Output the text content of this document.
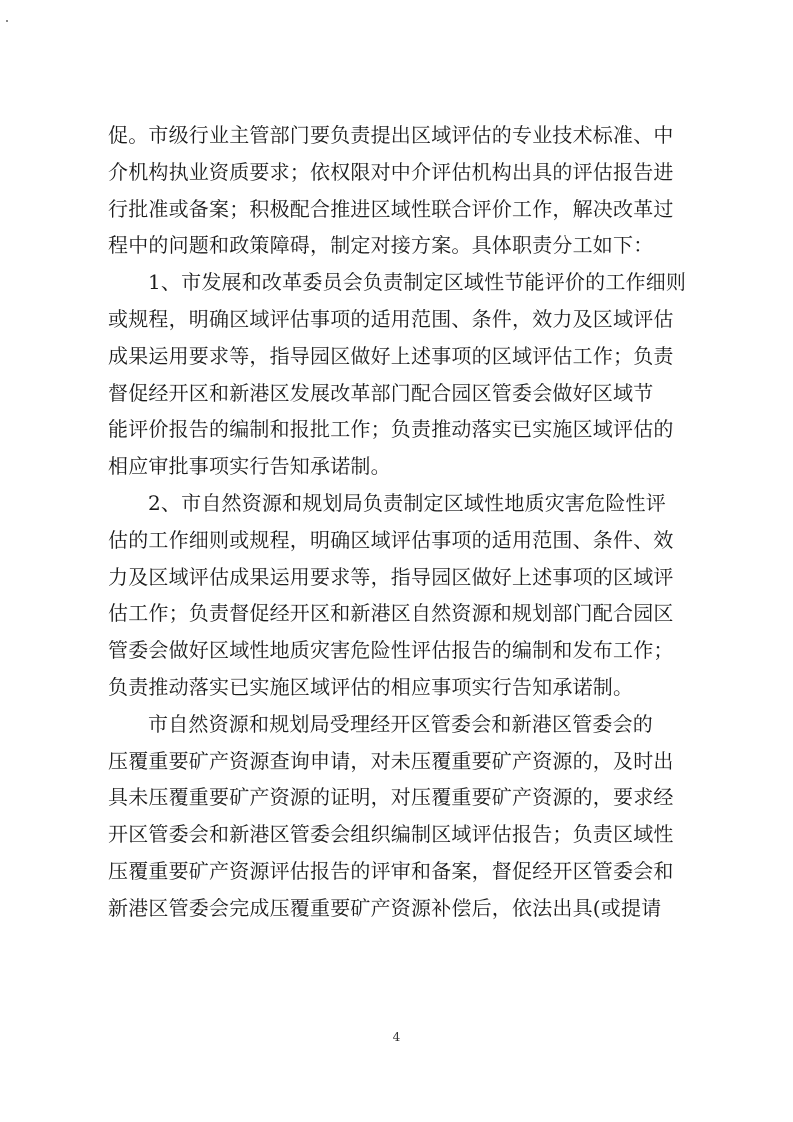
促。市级行业主管部门要负责提出区域评估的专业技术标准、中
介机构执业资质要求；依权限对中介评估机构出具的评估报告进
行批准或备案；积极配合推进区域性联合评价工作，解决改革过
程中的问题和政策障碍，制定对接方案。具体职责分工如下：
1、市发展和改革委员会负责制定区域性节能评价的工作细则
或规程，明确区域评估事项的适用范围、条件，效力及区域评估
成果运用要求等，指导园区做好上述事项的区域评估工作；负责
督促经开区和新港区发展改革部门配合园区管委会做好区域节
能评价报告的编制和报批工作；负责推动落实已实施区域评估的
相应审批事项实行告知承诺制。
2、市自然资源和规划局负责制定区域性地质灾害危险性评
估的工作细则或规程，明确区域评估事项的适用范围、条件、效
力及区域评估成果运用要求等，指导园区做好上述事项的区域评
估工作；负责督促经开区和新港区自然资源和规划部门配合园区
管委会做好区域性地质灾害危险性评估报告的编制和发布工作；
负责推动落实已实施区域评估的相应事项实行告知承诺制。
市自然资源和规划局受理经开区管委会和新港区管委会的
压覆重要矿产资源查询申请，对未压覆重要矿产资源的，及时出
具未压覆重要矿产资源的证明，对压覆重要矿产资源的，要求经
开区管委会和新港区管委会组织编制区域评估报告；负责区域性
压覆重要矿产资源评估报告的评审和备案，督促经开区管委会和
新港区管委会完成压覆重要矿产资源补偿后，依法出具(或提请
4
